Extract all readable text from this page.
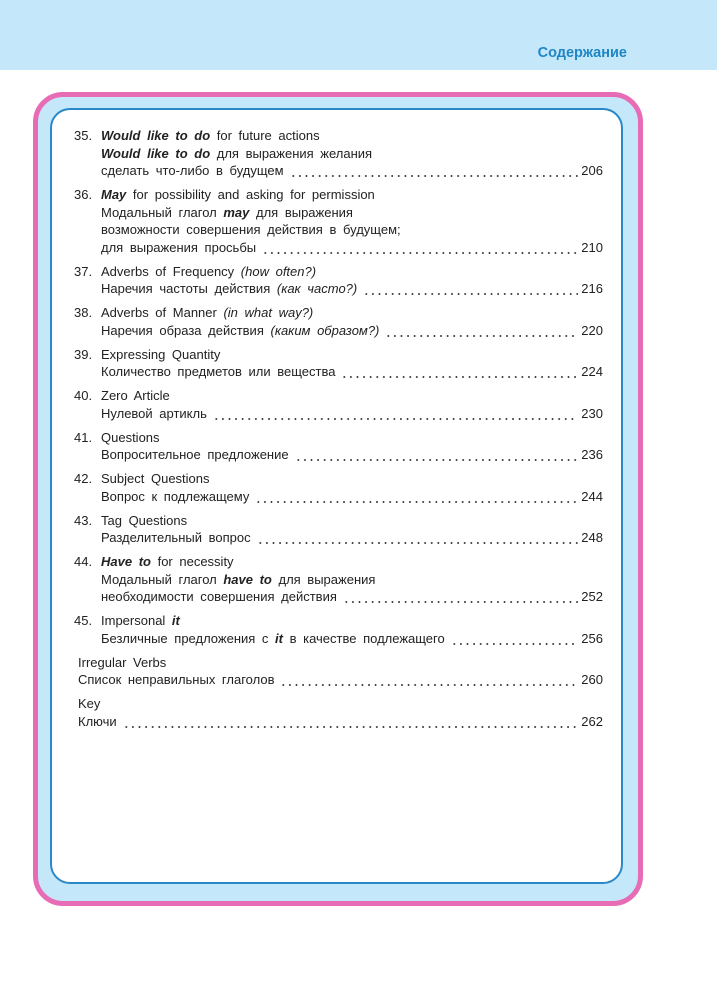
Содержание
35. Would like to do for future actions
Would like to do для выражения желания
сделать что-либо в будущем	206
36. May for possibility and asking for permission
Модальный глагол may для выражения
возможности совершения действия в будущем;
для выражения просьбы	210
37. Adverbs of Frequency (how often?)
Наречия частоты действия (как часто?)	216
38. Adverbs of Manner (in what way?)
Наречия образа действия (каким образом?)	220
39. Expressing Quantity
Количество предметов или вещества	224
40. Zero Article
Нулевой артикль	230
41. Questions
Вопросительное предложение	236
42. Subject Questions
Вопрос к подлежащему	244
43. Tag Questions
Разделительный вопрос	248
44. Have to for necessity
Модальный глагол have to для выражения
необходимости совершения действия	252
45. Impersonal it
Безличные предложения с it в качестве подлежащего	256
Irregular Verbs
Список неправильных глаголов	260
Key
Ключи	262
